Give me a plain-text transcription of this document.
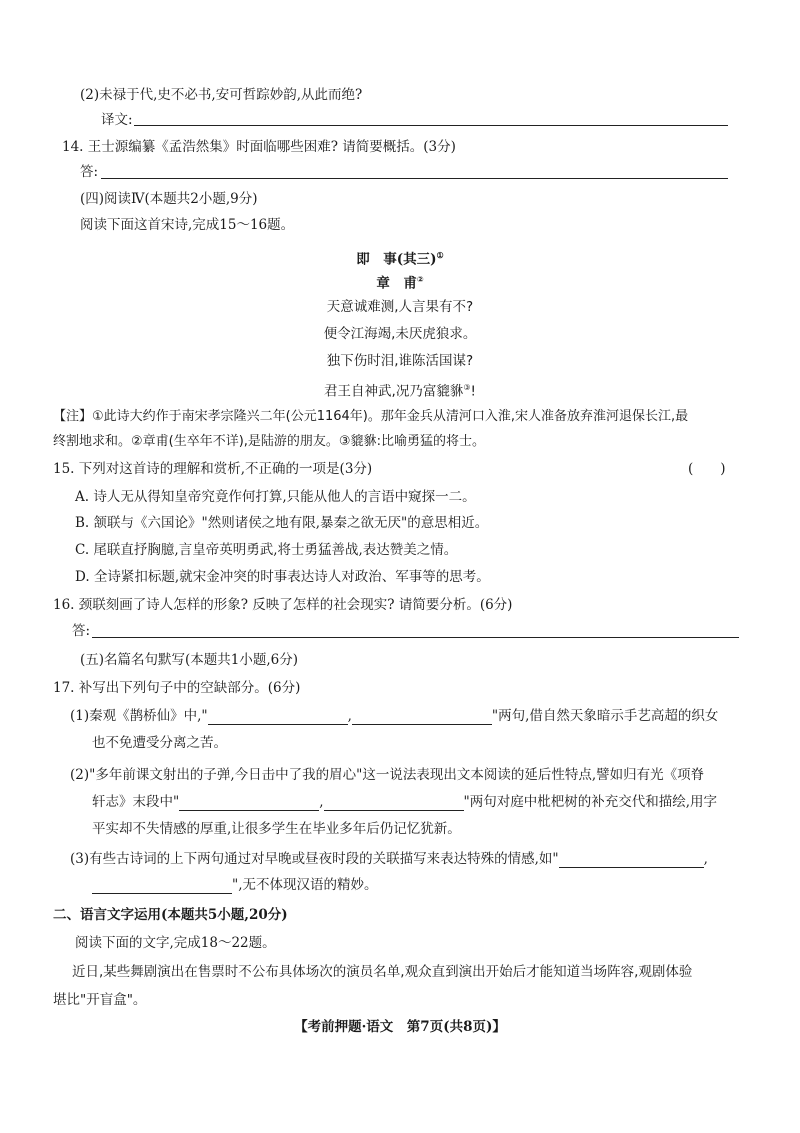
(2)未禄于代,史不必书,安可哲踪妙韵,从此而绝?
译文:
14. 王士源编纂《孟浩然集》时面临哪些困难? 请简要概括。(3分)
答:
(四)阅读Ⅳ(本题共2小题,9分)
阅读下面这首宋诗,完成15～16题。
即　事(其三)①
章　甫②
天意诚难测,人言果有不?
便令江海竭,未厌虎狼求。
独下伤时泪,谁陈活国谋?
君王自神武,况乃富貔貅③!
【注】①此诗大约作于南宋孝宗隆兴二年(公元1164年)。那年金兵从清河口入淮,宋人准备放弃淮河退保长江,最
终割地求和。②章甫(生卒年不详),是陆游的朋友。③貔貅:比喻勇猛的将士。
15. 下列对这首诗的理解和赏析,不正确的一项是(3分)	(　　)
A. 诗人无从得知皇帝究竟作何打算,只能从他人的言语中窥探一二。
B. 颔联与《六国论》"然则诸侯之地有限,暴秦之欲无厌"的意思相近。
C. 尾联直抒胸臆,言皇帝英明勇武,将士勇猛善战,表达赞美之情。
D. 全诗紧扣标题,就宋金冲突的时事表达诗人对政治、军事等的思考。
16. 颈联刻画了诗人怎样的形象? 反映了怎样的社会现实? 请简要分析。(6分)
答:
(五)名篇名句默写(本题共1小题,6分)
17. 补写出下列句子中的空缺部分。(6分)
(1)秦观《鹊桥仙》中,"	,	"两句,借自然天象暗示手艺高超的织女
也不免遭受分离之苦。
(2)"多年前课文射出的子弹,今日击中了我的眉心"这一说法表现出文本阅读的延后性特点,譬如归有光《项脊
轩志》末段中"	,	"两句对庭中枇杷树的补充交代和描绘,用字
平实却不失情感的厚重,让很多学生在毕业多年后仍记忆犹新。
(3)有些古诗词的上下两句通过对早晚或昼夜时段的关联描写来表达特殊的情感,如"	,
",无不体现汉语的精妙。
二、语言文字运用(本题共5小题,20分)
阅读下面的文字,完成18～22题。
近日,某些舞剧演出在售票时不公布具体场次的演员名单,观众直到演出开始后才能知道当场阵容,观剧体验
堪比"开盲盒"。
【考前押题·语文　第7页(共8页)】
